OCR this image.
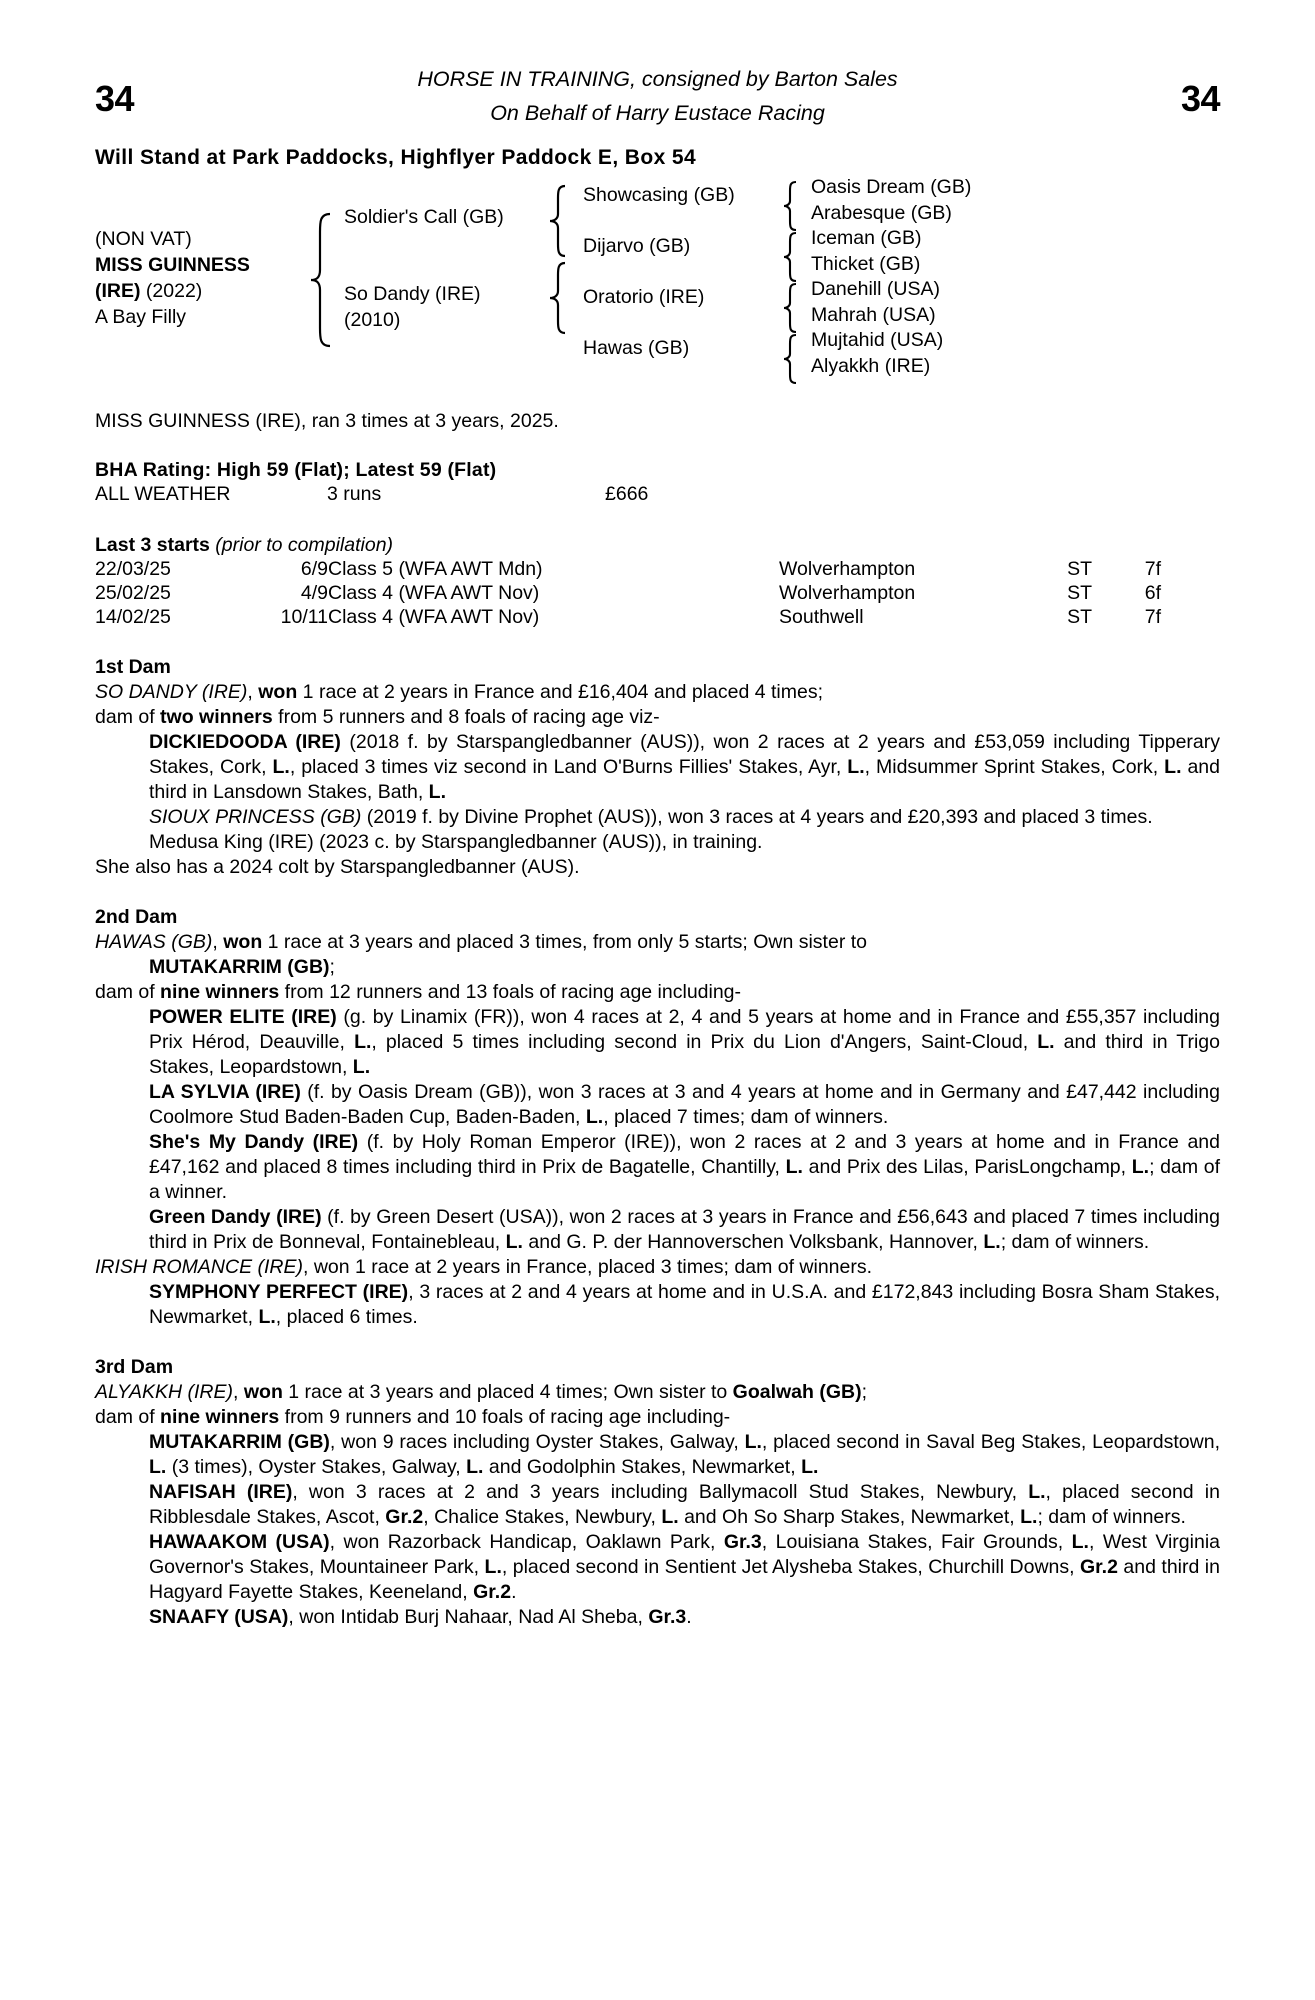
34	34
HORSE IN TRAINING, consigned by Barton Sales
On Behalf of Harry Eustace Racing
Will Stand at Park Paddocks, Highflyer Paddock E, Box 54
(NON VAT)
MISS GUINNESS
(IRE) (2022)
A Bay Filly
Soldier's Call (GB)
So Dandy (IRE)
(2010)
Showcasing (GB)
Dijarvo (GB)
Oratorio (IRE)
Hawas (GB)
Oasis Dream (GB)
Arabesque (GB)
Iceman (GB)
Thicket (GB)
Danehill (USA)
Mahrah (USA)
Mujtahid (USA)
Alyakkh (IRE)
MISS GUINNESS (IRE), ran 3 times at 3 years, 2025.
BHA Rating: High 59 (Flat); Latest 59 (Flat)
ALL WEATHER	3 runs	£666
Last 3 starts (prior to compilation)
22/03/25	6/9	Class 5 (WFA AWT Mdn)	Wolverhampton	ST	7f
25/02/25	4/9	Class 4 (WFA AWT Nov)	Wolverhampton	ST	6f
14/02/25	10/11	Class 4 (WFA AWT Nov)	Southwell	ST	7f
1st Dam

SO DANDY (IRE), won 1 race at 2 years in France and £16,404 and placed 4 times;

dam of two winners from 5 runners and 8 foals of racing age viz-

DICKIEDOODA (IRE) (2018 f. by Starspangledbanner (AUS)), won 2 races at 2 years and £53,059 including Tipperary Stakes, Cork, L., placed 3 times viz second in Land O'Burns Fillies' Stakes, Ayr, L., Midsummer Sprint Stakes, Cork, L. and third in Lansdown Stakes, Bath, L.

SIOUX PRINCESS (GB) (2019 f. by Divine Prophet (AUS)), won 3 races at 4 years and £20,393 and placed 3 times.

Medusa King (IRE) (2023 c. by Starspangledbanner (AUS)), in training.

She also has a 2024 colt by Starspangledbanner (AUS).

2nd Dam

HAWAS (GB), won 1 race at 3 years and placed 3 times, from only 5 starts; Own sister to

MUTAKARRIM (GB);

dam of nine winners from 12 runners and 13 foals of racing age including-

POWER ELITE (IRE) (g. by Linamix (FR)), won 4 races at 2, 4 and 5 years at home and in France and £55,357 including Prix Hérod, Deauville, L., placed 5 times including second in Prix du Lion d'Angers, Saint-Cloud, L. and third in Trigo Stakes, Leopardstown, L.

LA SYLVIA (IRE) (f. by Oasis Dream (GB)), won 3 races at 3 and 4 years at home and in Germany and £47,442 including Coolmore Stud Baden-Baden Cup, Baden-Baden, L., placed 7 times; dam of winners.

She's My Dandy (IRE) (f. by Holy Roman Emperor (IRE)), won 2 races at 2 and 3 years at home and in France and £47,162 and placed 8 times including third in Prix de Bagatelle, Chantilly, L. and Prix des Lilas, ParisLongchamp, L.; dam of a winner.

Green Dandy (IRE) (f. by Green Desert (USA)), won 2 races at 3 years in France and £56,643 and placed 7 times including third in Prix de Bonneval, Fontainebleau, L. and G. P. der Hannoverschen Volksbank, Hannover, L.; dam of winners.

IRISH ROMANCE (IRE), won 1 race at 2 years in France, placed 3 times; dam of winners.

SYMPHONY PERFECT (IRE), 3 races at 2 and 4 years at home and in U.S.A. and £172,843 including Bosra Sham Stakes, Newmarket, L., placed 6 times.

3rd Dam

ALYAKKH (IRE), won 1 race at 3 years and placed 4 times; Own sister to Goalwah (GB);

dam of nine winners from 9 runners and 10 foals of racing age including-

MUTAKARRIM (GB), won 9 races including Oyster Stakes, Galway, L., placed second in Saval Beg Stakes, Leopardstown, L. (3 times), Oyster Stakes, Galway, L. and Godolphin Stakes, Newmarket, L.

NAFISAH (IRE), won 3 races at 2 and 3 years including Ballymacoll Stud Stakes, Newbury, L., placed second in Ribblesdale Stakes, Ascot, Gr.2, Chalice Stakes, Newbury, L. and Oh So Sharp Stakes, Newmarket, L.; dam of winners.

HAWAAKOM (USA), won Razorback Handicap, Oaklawn Park, Gr.3, Louisiana Stakes, Fair Grounds, L., West Virginia Governor's Stakes, Mountaineer Park, L., placed second in Sentient Jet Alysheba Stakes, Churchill Downs, Gr.2 and third in Hagyard Fayette Stakes, Keeneland, Gr.2.

SNAAFY (USA), won Intidab Burj Nahaar, Nad Al Sheba, Gr.3.
